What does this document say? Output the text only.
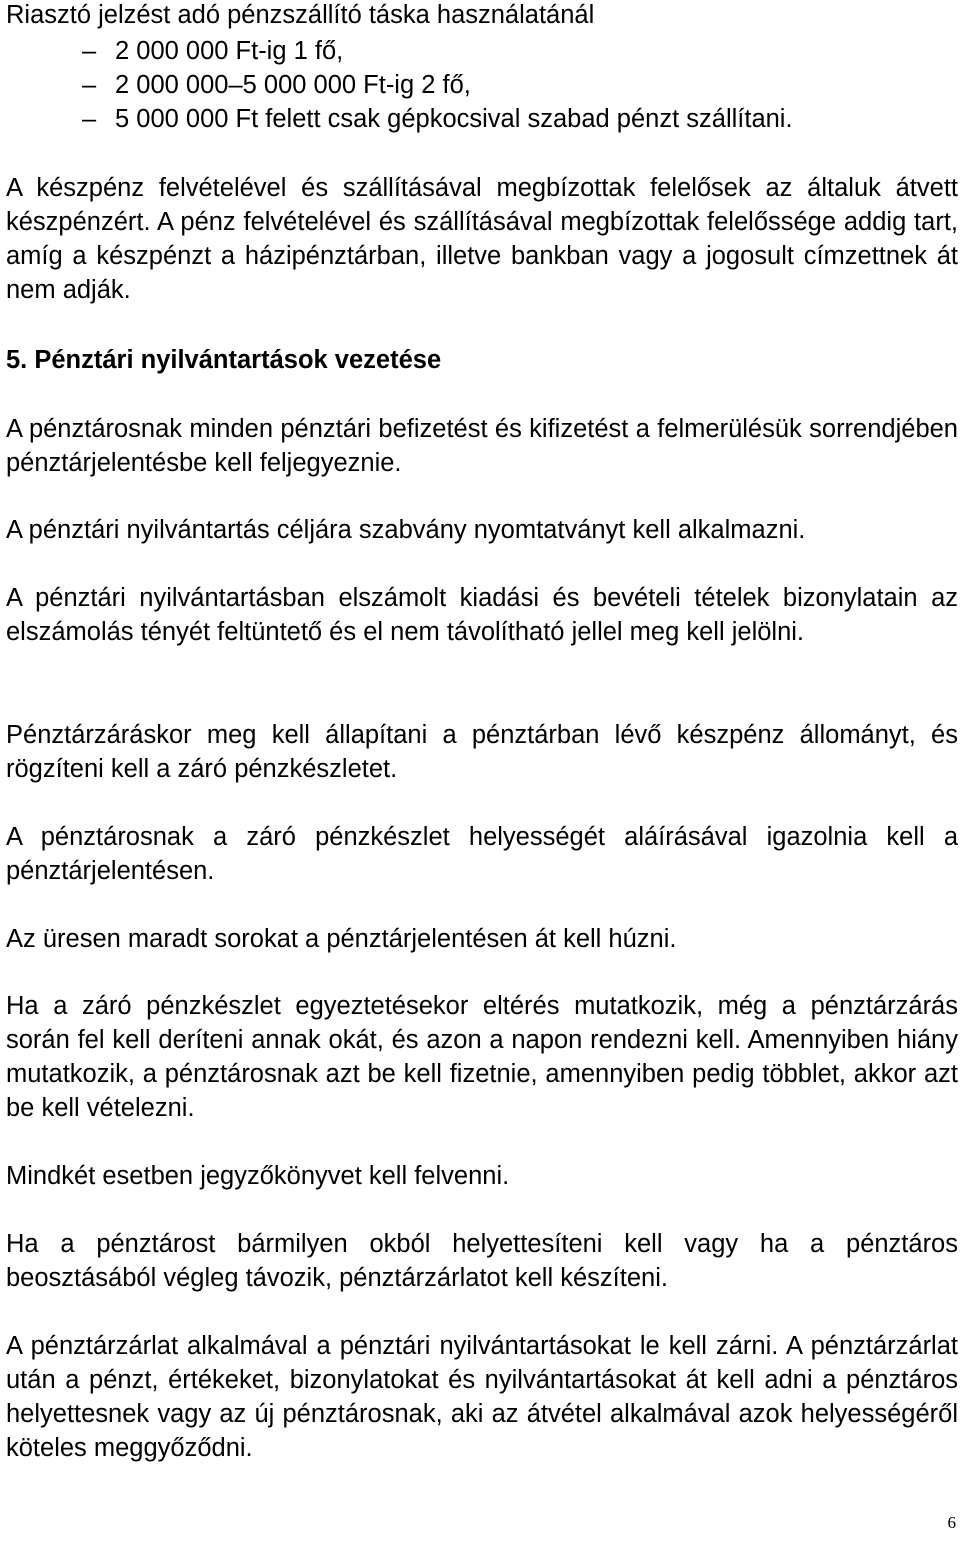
Riasztó jelzést adó pénzszállító táska használatánál

– 2 000 000 Ft-ig 1 fő,
– 2 000 000–5 000 000 Ft-ig 2 fő,
– 5 000 000 Ft felett csak gépkocsival szabad pénzt szállítani.

A készpénz felvételével és szállításával megbízottak felelősek az általuk átvett készpénzért. A pénz felvételével és szállításával megbízottak felelőssége addig tart, amíg a készpénzt a házipénztárban, illetve bankban vagy a jogosult címzettnek át nem adják.

5. Pénztári nyilvántartások vezetése

A pénztárosnak minden pénztári befizetést és kifizetést a felmerülésük sorrendjében pénztárjelentésbe kell feljegyeznie.

A pénztári nyilvántartás céljára szabvány nyomtatványt kell alkalmazni.

A pénztári nyilvántartásban elszámolt kiadási és bevételi tételek bizonylatain az elszámolás tényét feltüntető és el nem távolítható jellel meg kell jelölni.

Pénztárzáráskor meg kell állapítani a pénztárban lévő készpénz állományt, és rögzíteni kell a záró pénzkészletet.

A pénztárosnak a záró pénzkészlet helyességét aláírásával igazolnia kell a pénztárjelentésen.

Az üresen maradt sorokat a pénztárjelentésen át kell húzni.

Ha a záró pénzkészlet egyeztetésekor eltérés mutatkozik, még a pénztárzárás során fel kell deríteni annak okát, és azon a napon rendezni kell. Amennyiben hiány mutatkozik, a pénztárosnak azt be kell fizetnie, amennyiben pedig többlet, akkor azt be kell vételezni.

Mindkét esetben jegyzőkönyvet kell felvenni.

Ha a pénztárost bármilyen okból helyettesíteni kell vagy ha a pénztáros beosztásából végleg távozik, pénztárzárlatot kell készíteni.

A pénztárzárlat alkalmával a pénztári nyilvántartásokat le kell zárni. A pénztárzárlat után a pénzt, értékeket, bizonylatokat és nyilvántartásokat át kell adni a pénztáros helyettesnek vagy az új pénztárosnak, aki az átvétel alkalmával azok helyességéről köteles meggyőződni.

6
